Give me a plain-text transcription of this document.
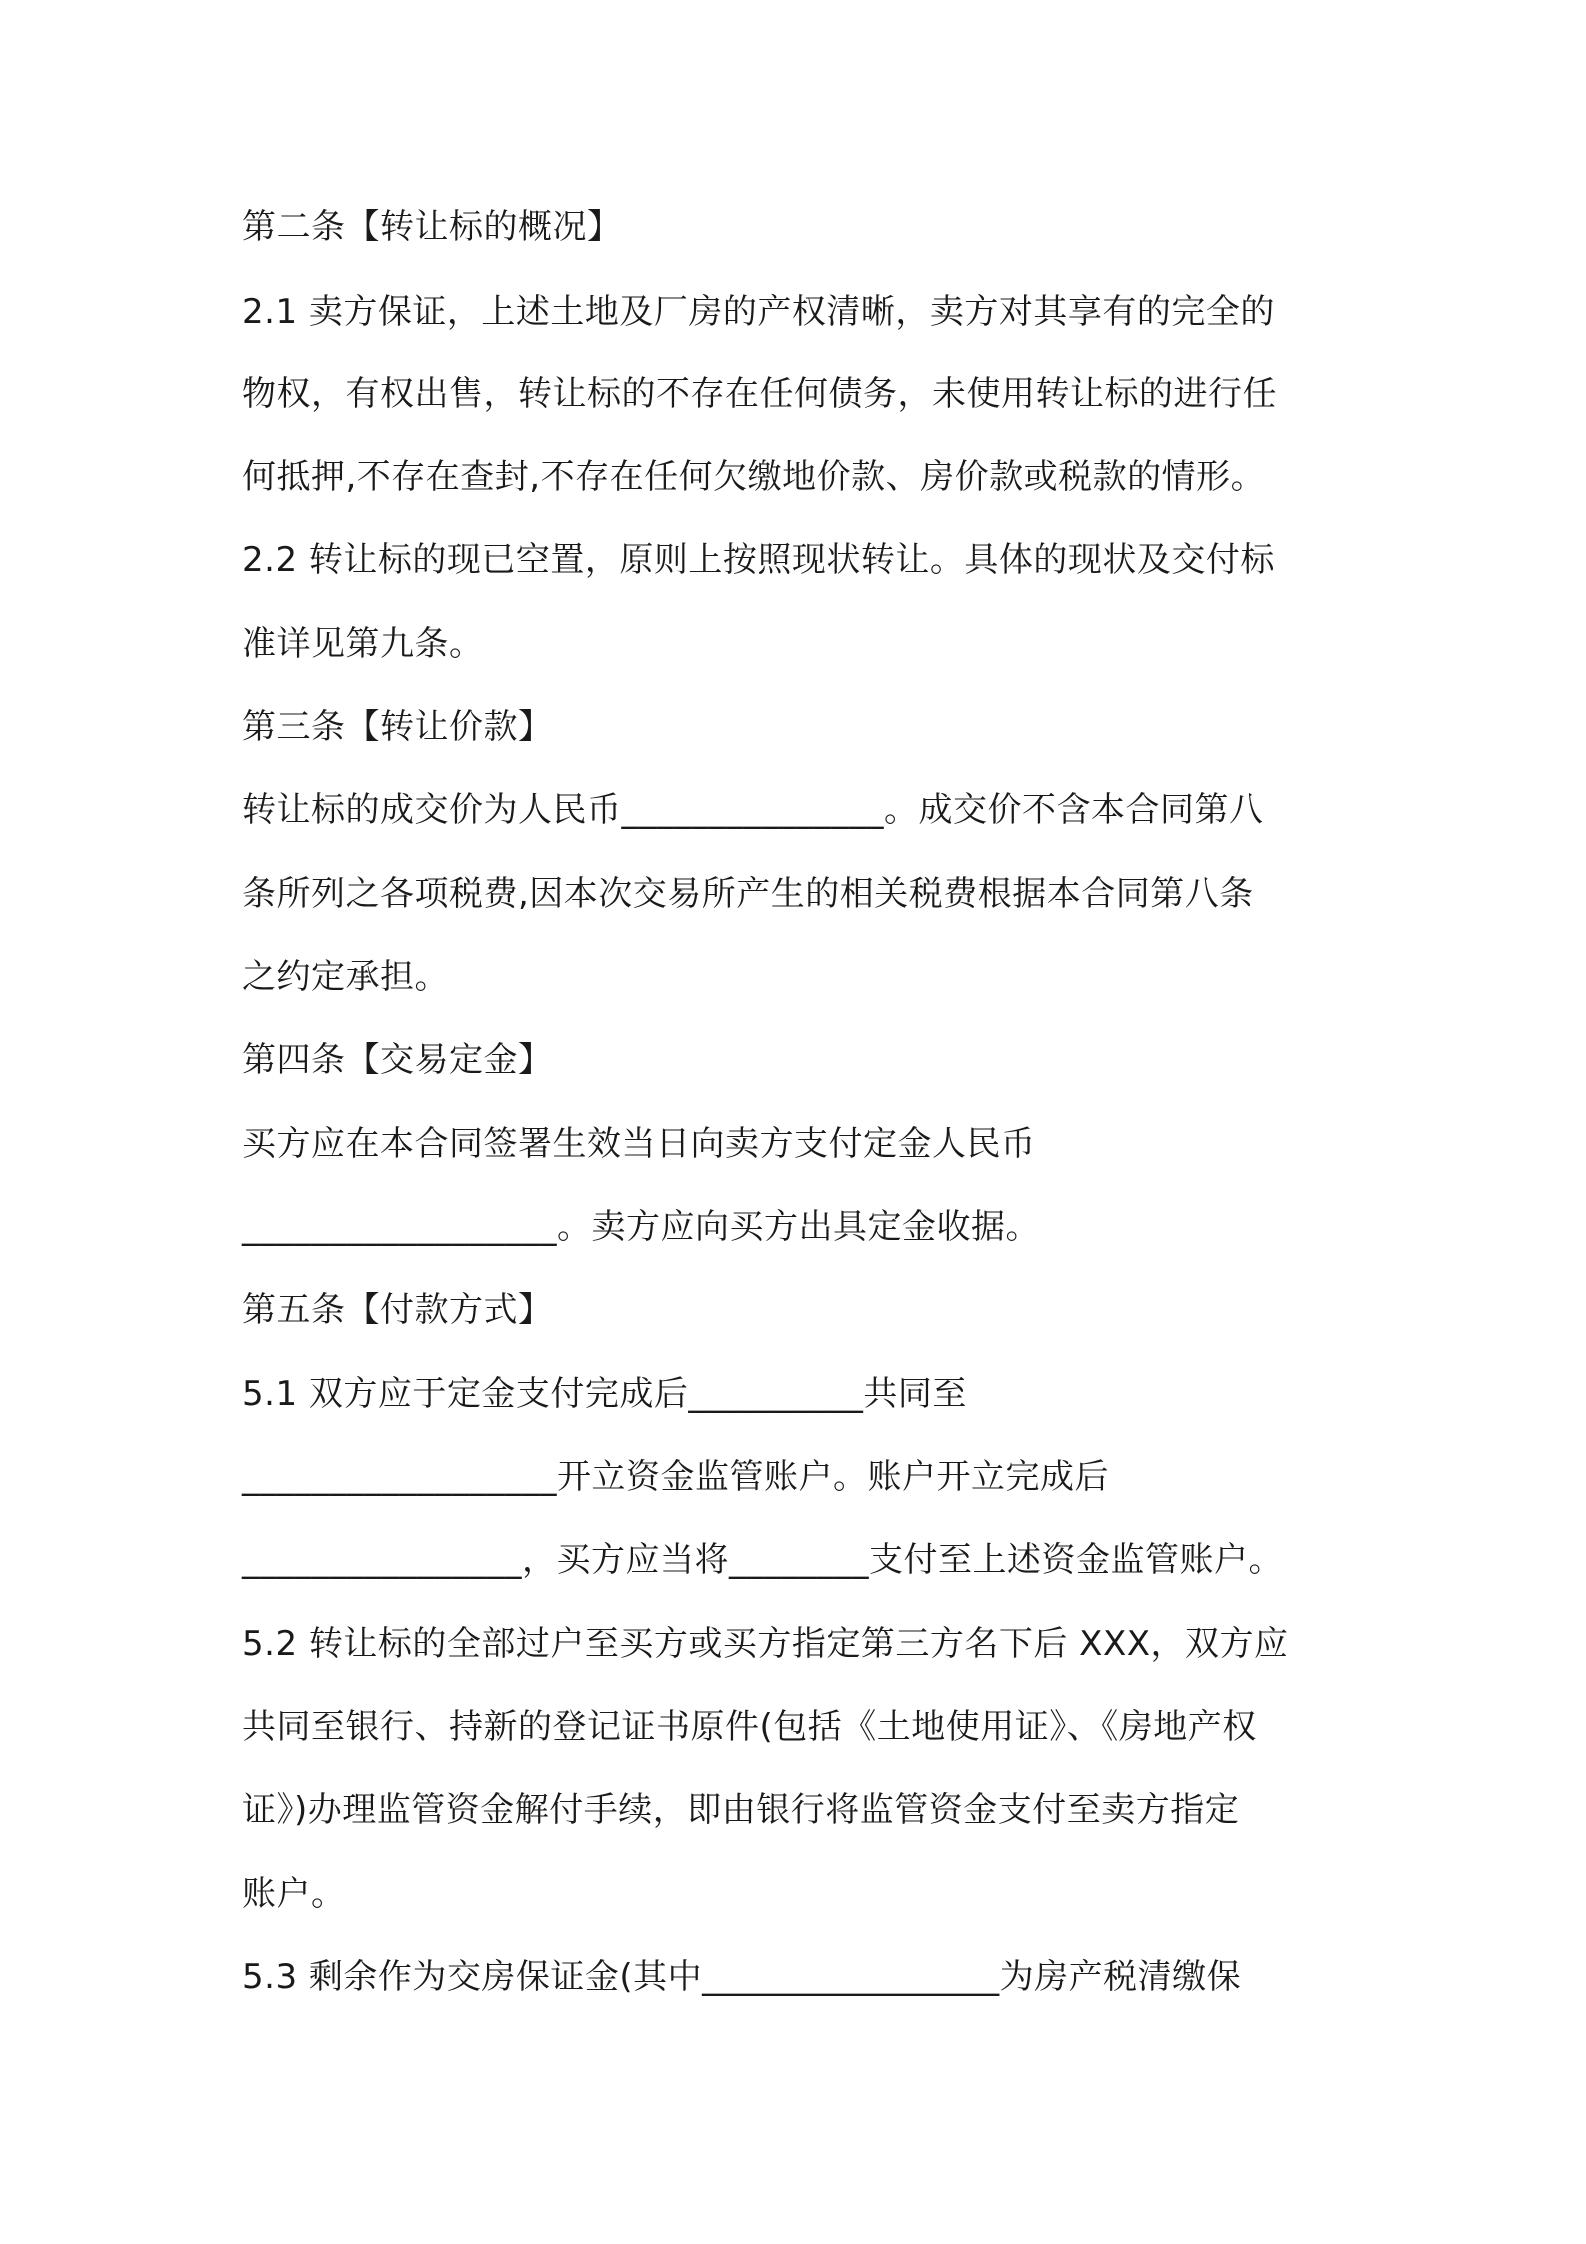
第二条【转让标的概况】
2.1 卖方保证，上述土地及厂房的产权清晰，卖方对其享有的完全的
物权，有权出售，转让标的不存在任何债务，未使用转让标的进行任
何抵押,不存在查封,不存在任何欠缴地价款、房价款或税款的情形。
2.2 转让标的现已空置，原则上按照现状转让。具体的现状及交付标
准详见第九条。
第三条【转让价款】
转让标的成交价为人民币_______________。成交价不含本合同第八
条所列之各项税费,因本次交易所产生的相关税费根据本合同第八条
之约定承担。
第四条【交易定金】
买方应在本合同签署生效当日向卖方支付定金人民币
__________________。卖方应向买方出具定金收据。
第五条【付款方式】
5.1 双方应于定金支付完成后__________共同至
__________________开立资金监管账户。账户开立完成后
________________，买方应当将________支付至上述资金监管账户。
5.2 转让标的全部过户至买方或买方指定第三方名下后 XXX，双方应
共同至银行、持新的登记证书原件(包括《土地使用证》、《房地产权
证》)办理监管资金解付手续，即由银行将监管资金支付至卖方指定
账户。
5.3 剩余作为交房保证金(其中_________________为房产税清缴保
